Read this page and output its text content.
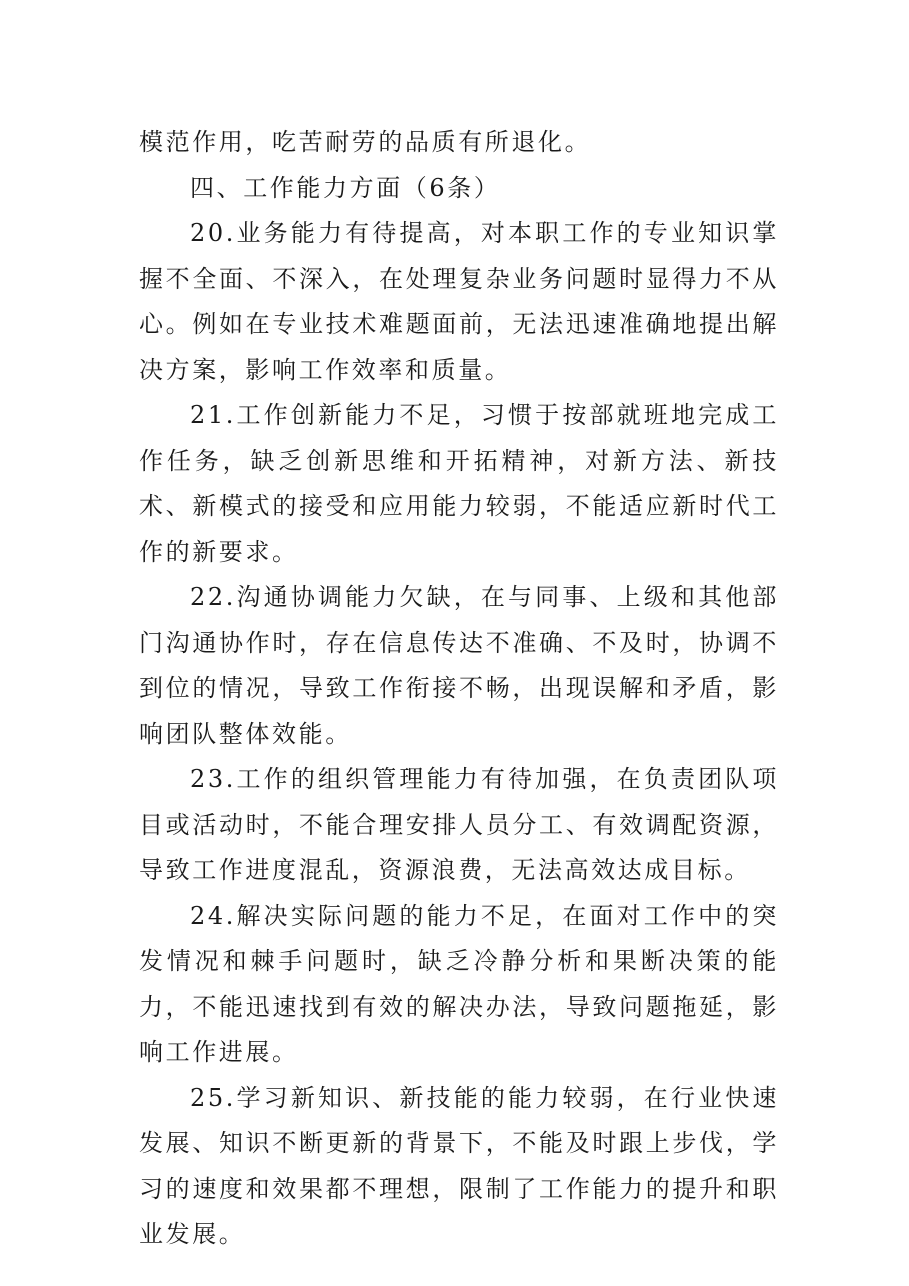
模范作用，吃苦耐劳的品质有所退化。

四、工作能力方面（6条）

20.业务能力有待提高，对本职工作的专业知识掌握不全面、不深入，在处理复杂业务问题时显得力不从心。例如在专业技术难题面前，无法迅速准确地提出解决方案，影响工作效率和质量。

21.工作创新能力不足，习惯于按部就班地完成工作任务，缺乏创新思维和开拓精神，对新方法、新技术、新模式的接受和应用能力较弱，不能适应新时代工作的新要求。

22.沟通协调能力欠缺，在与同事、上级和其他部门沟通协作时，存在信息传达不准确、不及时，协调不到位的情况，导致工作衔接不畅，出现误解和矛盾，影响团队整体效能。

23.工作的组织管理能力有待加强，在负责团队项目或活动时，不能合理安排人员分工、有效调配资源，导致工作进度混乱，资源浪费，无法高效达成目标。

24.解决实际问题的能力不足，在面对工作中的突发情况和棘手问题时，缺乏冷静分析和果断决策的能力，不能迅速找到有效的解决办法，导致问题拖延，影响工作进展。

25.学习新知识、新技能的能力较弱，在行业快速发展、知识不断更新的背景下，不能及时跟上步伐，学习的速度和效果都不理想，限制了工作能力的提升和职业发展。
